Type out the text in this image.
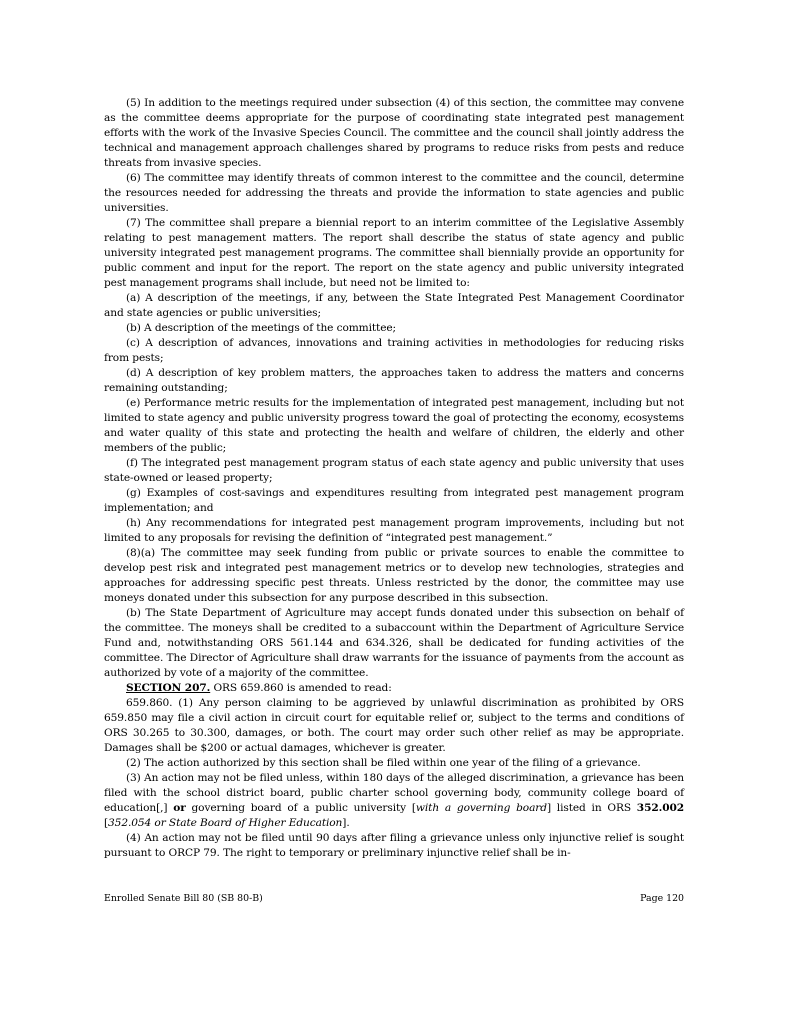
(5) In addition to the meetings required under subsection (4) of this section, the committee may convene as the committee deems appropriate for the purpose of coordinating state integrated pest management efforts with the work of the Invasive Species Council. The committee and the council shall jointly address the technical and management approach challenges shared by programs to reduce risks from pests and reduce threats from invasive species.

(6) The committee may identify threats of common interest to the committee and the council, determine the resources needed for addressing the threats and provide the information to state agencies and public universities.

(7) The committee shall prepare a biennial report to an interim committee of the Legislative Assembly relating to pest management matters. The report shall describe the status of state agency and public university integrated pest management programs. The committee shall biennially provide an opportunity for public comment and input for the report. The report on the state agency and public university integrated pest management programs shall include, but need not be limited to:

(a) A description of the meetings, if any, between the State Integrated Pest Management Coordinator and state agencies or public universities;

(b) A description of the meetings of the committee;

(c) A description of advances, innovations and training activities in methodologies for reducing risks from pests;

(d) A description of key problem matters, the approaches taken to address the matters and concerns remaining outstanding;

(e) Performance metric results for the implementation of integrated pest management, including but not limited to state agency and public university progress toward the goal of protecting the economy, ecosystems and water quality of this state and protecting the health and welfare of children, the elderly and other members of the public;

(f) The integrated pest management program status of each state agency and public university that uses state-owned or leased property;

(g) Examples of cost-savings and expenditures resulting from integrated pest management program implementation; and

(h) Any recommendations for integrated pest management program improvements, including but not limited to any proposals for revising the definition of “integrated pest management.”

(8)(a) The committee may seek funding from public or private sources to enable the committee to develop pest risk and integrated pest management metrics or to develop new technologies, strategies and approaches for addressing specific pest threats. Unless restricted by the donor, the committee may use moneys donated under this subsection for any purpose described in this subsection.

(b) The State Department of Agriculture may accept funds donated under this subsection on behalf of the committee. The moneys shall be credited to a subaccount within the Department of Agriculture Service Fund and, notwithstanding ORS 561.144 and 634.326, shall be dedicated for funding activities of the committee. The Director of Agriculture shall draw warrants for the issuance of payments from the account as authorized by vote of a majority of the committee.

SECTION 207. ORS 659.860 is amended to read:

659.860. (1) Any person claiming to be aggrieved by unlawful discrimination as prohibited by ORS 659.850 may file a civil action in circuit court for equitable relief or, subject to the terms and conditions of ORS 30.265 to 30.300, damages, or both. The court may order such other relief as may be appropriate. Damages shall be $200 or actual damages, whichever is greater.

(2) The action authorized by this section shall be filed within one year of the filing of a grievance.

(3) An action may not be filed unless, within 180 days of the alleged discrimination, a grievance has been filed with the school district board, public charter school governing body, community college board of education[,] or governing board of a public university [with a governing board] listed in ORS 352.002 [352.054 or State Board of Higher Education].

(4) An action may not be filed until 90 days after filing a grievance unless only injunctive relief is sought pursuant to ORCP 79. The right to temporary or preliminary injunctive relief shall be in-

Enrolled Senate Bill 80 (SB 80-B)	Page 120
